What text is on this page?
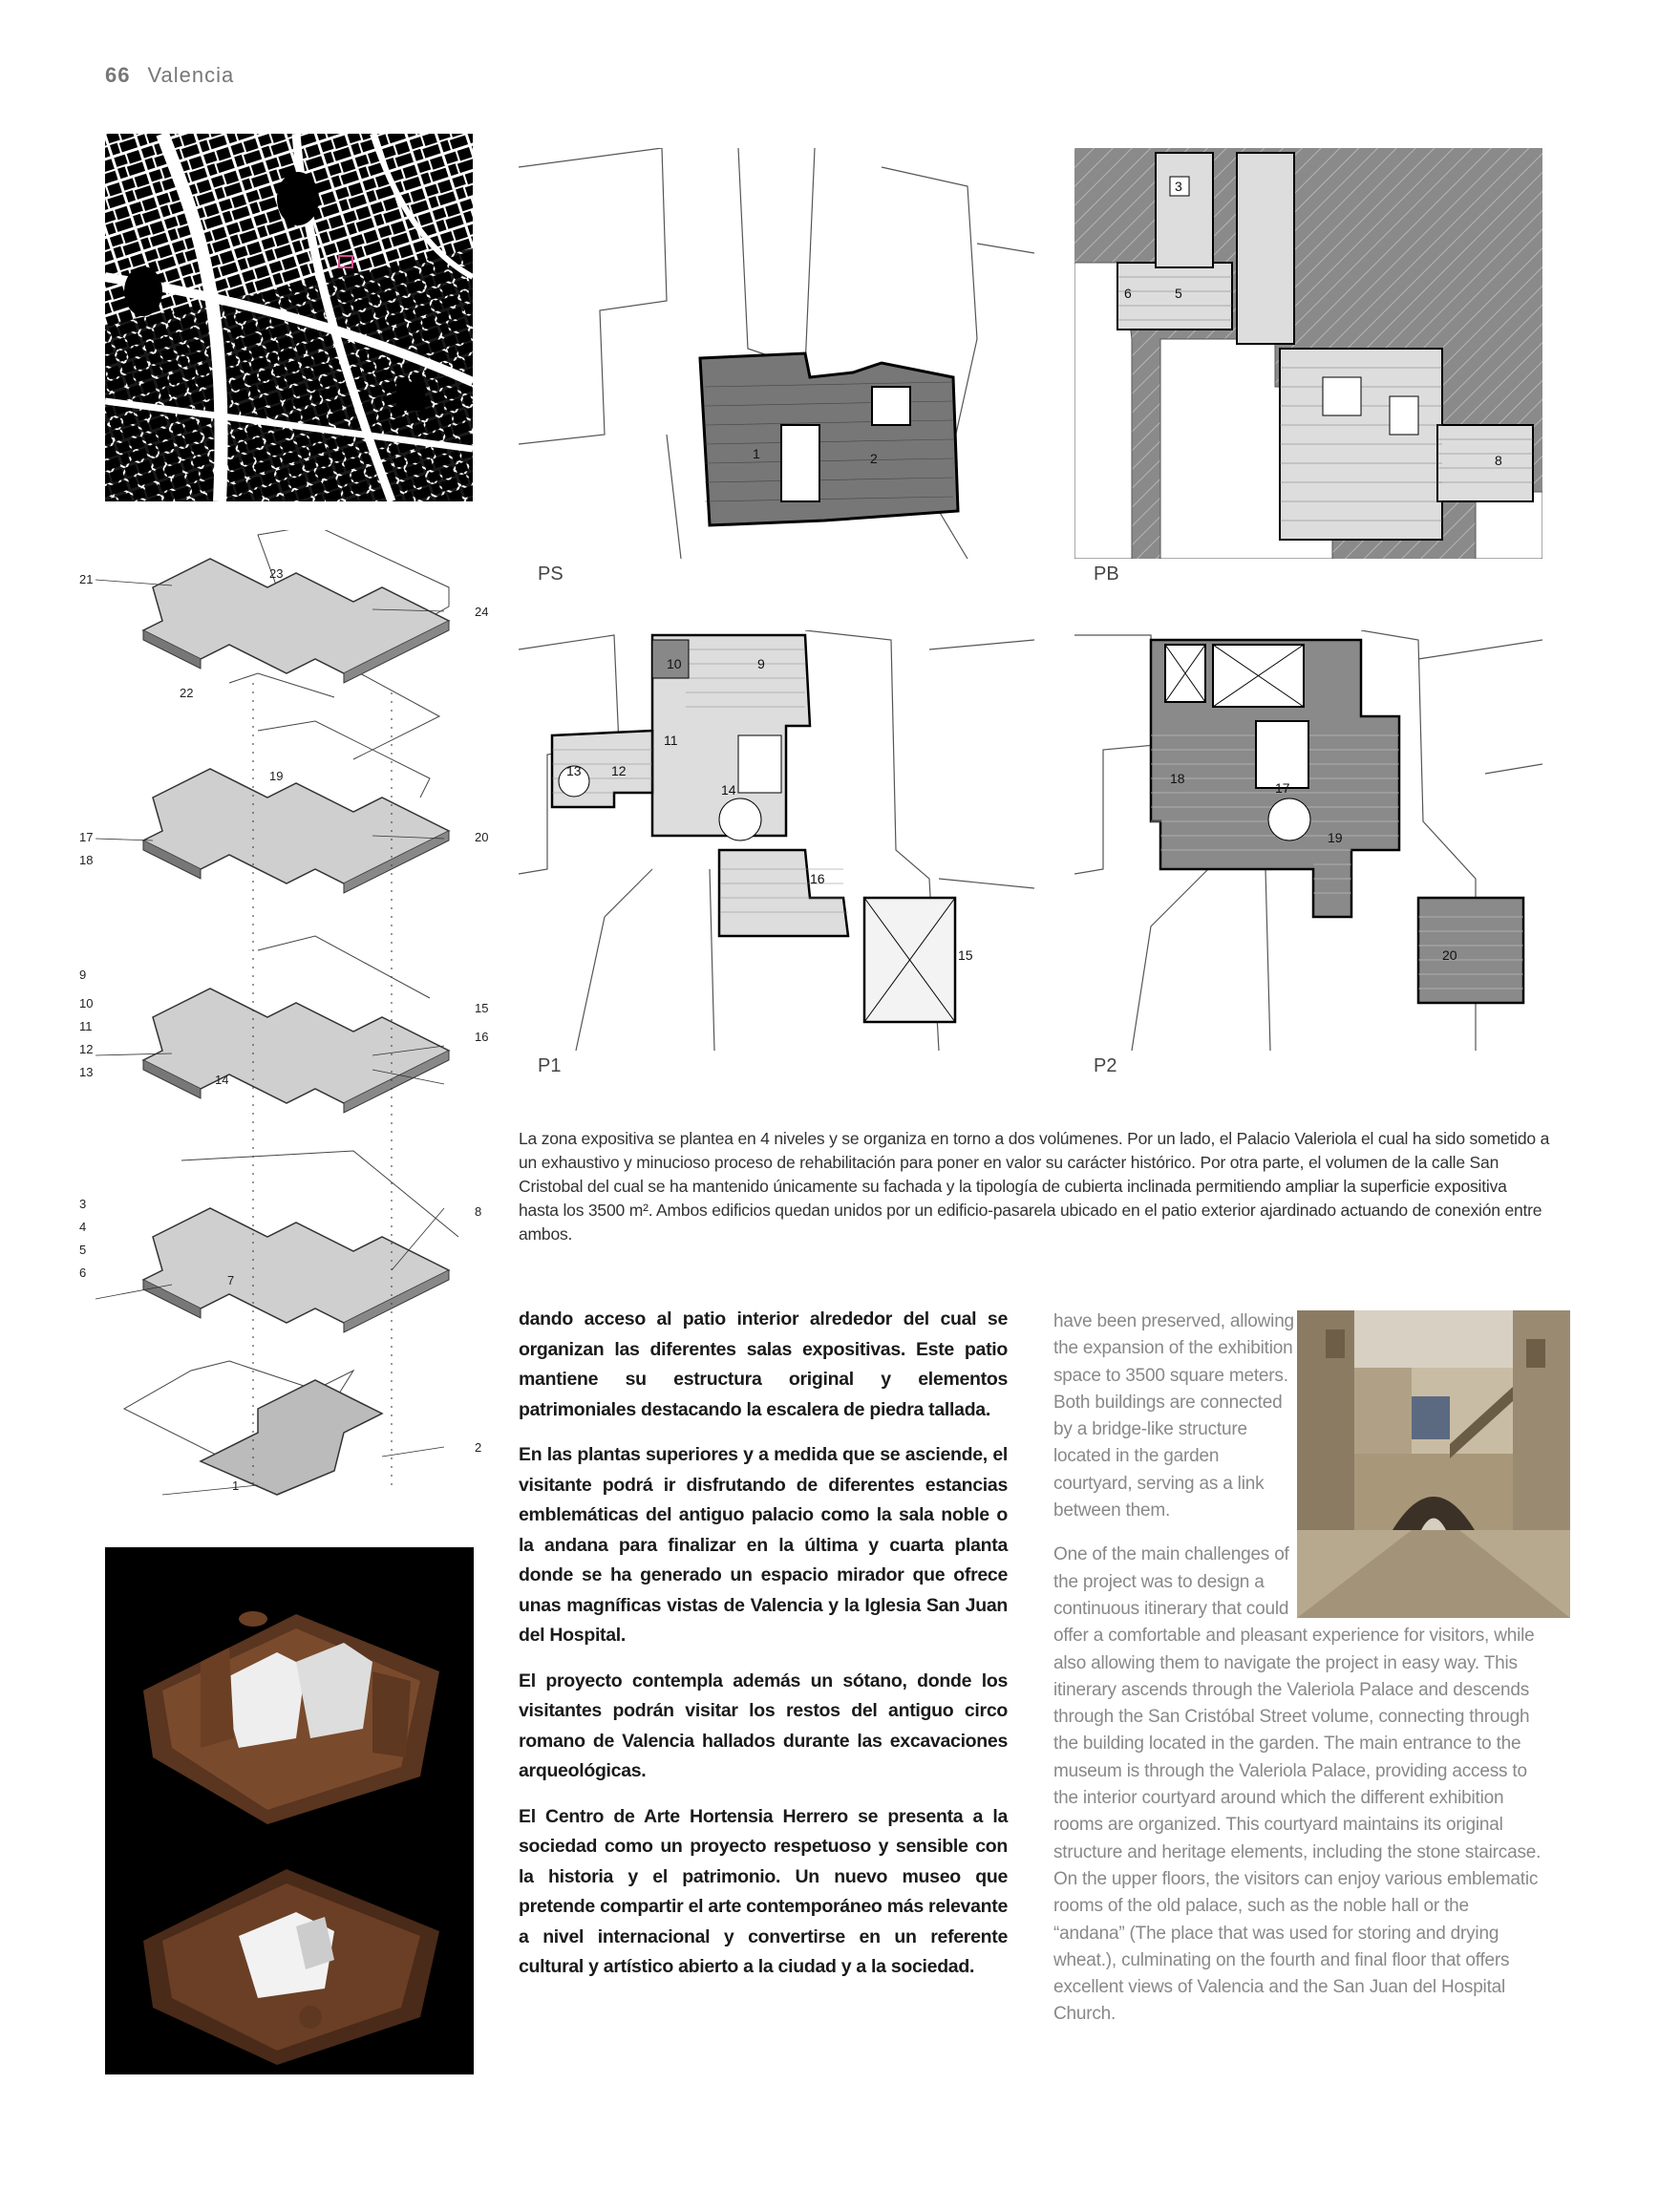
66 Valencia
1	2
PS
3
5
6
8
PB
10	9
11
12
13
14
15
16
P1
18
17
19
20
P2
La zona expositiva se plantea en 4 niveles y se organiza en torno a dos volúmenes. Por un lado, el Palacio Valeriola el cual ha sido sometido a un exhaustivo y minucioso proceso de rehabilitación para poner en valor su carácter histórico. Por otra parte, el volumen de la calle San Cristobal del cual se ha mantenido únicamente su fachada y la tipología de cubierta inclinada permitiendo ampliar la superficie expositiva hasta los 3500 m². Ambos edificios quedan unidos por un edificio-pasarela ubicado en el patio exterior ajardinado actuando de conexión entre ambos.
21
22
23
24
17
18
19
20
9
10
11
12
13
14
15
16
3
4
5
6
7
8
1
2

dando acceso al patio interior alrededor del cual se organizan las diferentes salas expositivas. Este patio mantiene su estructura original y elementos patrimoniales destacando la escalera de piedra tallada.

En las plantas superiores y a medida que se asciende, el visitante podrá ir disfrutando de diferentes estancias emblemáticas del antiguo palacio como la sala noble o la andana para finalizar en la última y cuarta planta donde se ha generado un espacio mirador que ofrece unas magníficas vistas de Valencia y la Iglesia San Juan del Hospital.

El proyecto contempla además un sótano, donde los visitantes podrán visitar los restos del antiguo circo romano de Valencia hallados durante las excavaciones arqueológicas.

El Centro de Arte Hortensia Herrero se presenta a la sociedad como un proyecto respetuoso y sensible con la historia y el patrimonio. Un nuevo museo que pretende compartir el arte contemporáneo más relevante a nivel internacional y convertirse en un referente cultural y artístico abierto a la ciudad y a la sociedad.

have been preserved, allowing the expansion of the exhibition space to 3500 square meters. Both buildings are connected by a bridge-like structure located in the garden courtyard, serving as a link between them.

One of the main challenges of the project was to design a continuous itinerary that could offer a comfortable and pleasant experience for visitors, while also allowing them to navigate the project in easy way. This itinerary ascends through the Valeriola Palace and descends through the San Cristóbal Street volume, connecting through the building located in the garden. The main entrance to the museum is through the Valeriola Palace, providing access to the interior courtyard around which the different exhibition rooms are organized. This courtyard maintains its original structure and heritage elements, including the stone staircase. On the upper floors, the visitors can enjoy various emblematic rooms of the old palace, such as the noble hall or the “andana” (The place that was used for storing and drying wheat.), culminating on the fourth and final floor that offers excellent views of Valencia and the San Juan del Hospital Church.
